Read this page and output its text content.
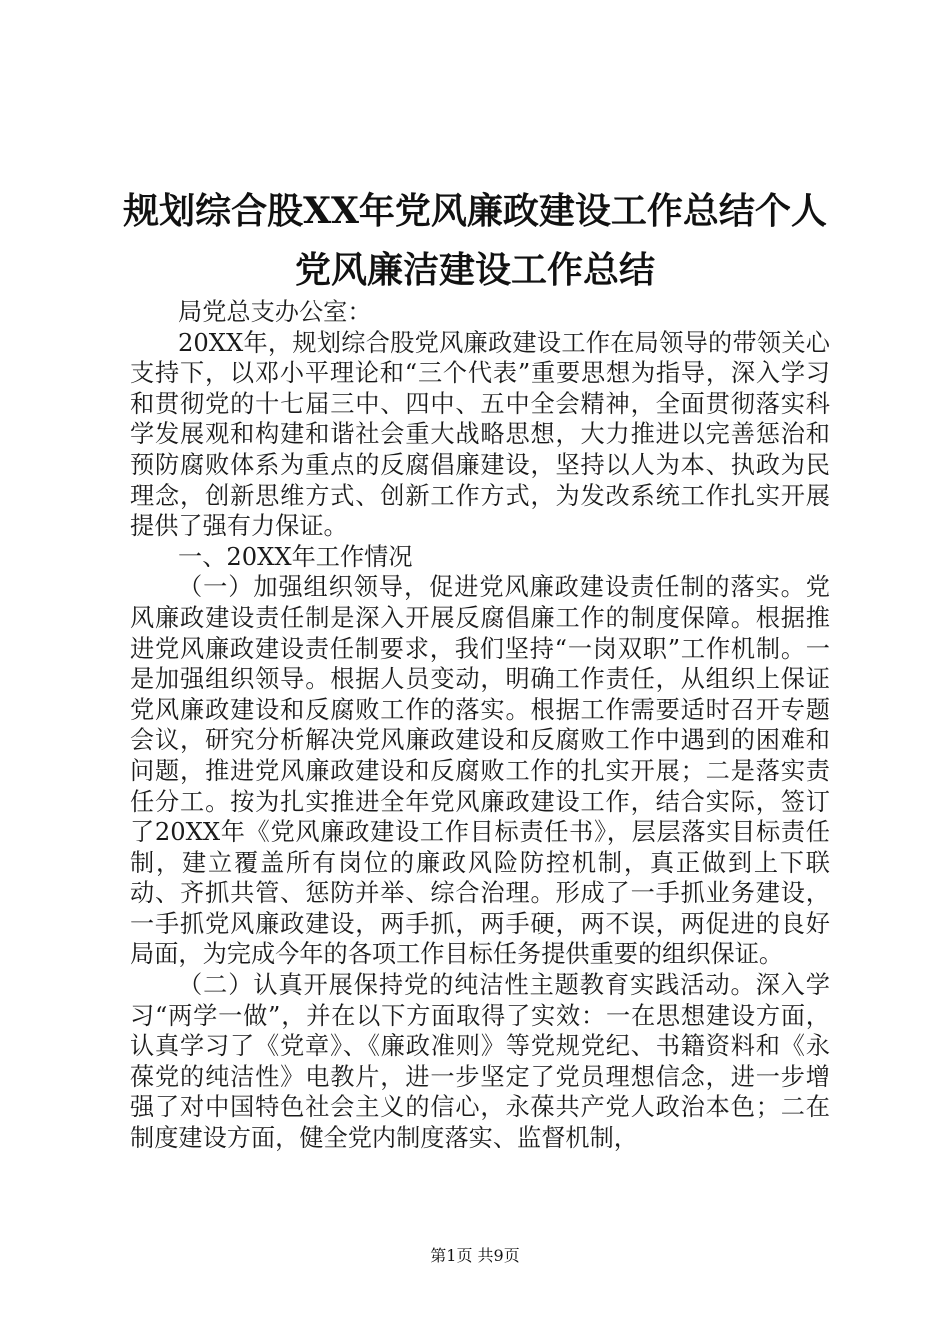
规划综合股XX年党风廉政建设工作总结个人
党风廉洁建设工作总结

局党总支办公室：

20XX年，规划综合股党风廉政建设工作在局领导的带领关心支持下，以邓小平理论和“三个代表”重要思想为指导，深入学习和贯彻党的十七届三中、四中、五中全会精神，全面贯彻落实科学发展观和构建和谐社会重大战略思想，大力推进以完善惩治和预防腐败体系为重点的反腐倡廉建设，坚持以人为本、执政为民理念，创新思维方式、创新工作方式，为发改系统工作扎实开展提供了强有力保证。

一、20XX年工作情况

（一）加强组织领导，促进党风廉政建设责任制的落实。党风廉政建设责任制是深入开展反腐倡廉工作的制度保障。根据推进党风廉政建设责任制要求，我们坚持“一岗双职”工作机制。一是加强组织领导。根据人员变动，明确工作责任，从组织上保证党风廉政建设和反腐败工作的落实。根据工作需要适时召开专题会议，研究分析解决党风廉政建设和反腐败工作中遇到的困难和问题，推进党风廉政建设和反腐败工作的扎实开展；二是落实责任分工。按为扎实推进全年党风廉政建设工作，结合实际，签订了20XX年《党风廉政建设工作目标责任书》，层层落实目标责任制，建立覆盖所有岗位的廉政风险防控机制，真正做到上下联动、齐抓共管、惩防并举、综合治理。形成了一手抓业务建设，一手抓党风廉政建设，两手抓，两手硬，两不误，两促进的良好局面，为完成今年的各项工作目标任务提供重要的组织保证。

（二）认真开展保持党的纯洁性主题教育实践活动。深入学习“两学一做”，并在以下方面取得了实效：一在思想建设方面，认真学习了《党章》、《廉政准则》等党规党纪、书籍资料和《永葆党的纯洁性》电教片，进一步坚定了党员理想信念，进一步增强了对中国特色社会主义的信心，永葆共产党人政治本色；二在制度建设方面，健全党内制度落实、监督机制，

第1页 共9页
